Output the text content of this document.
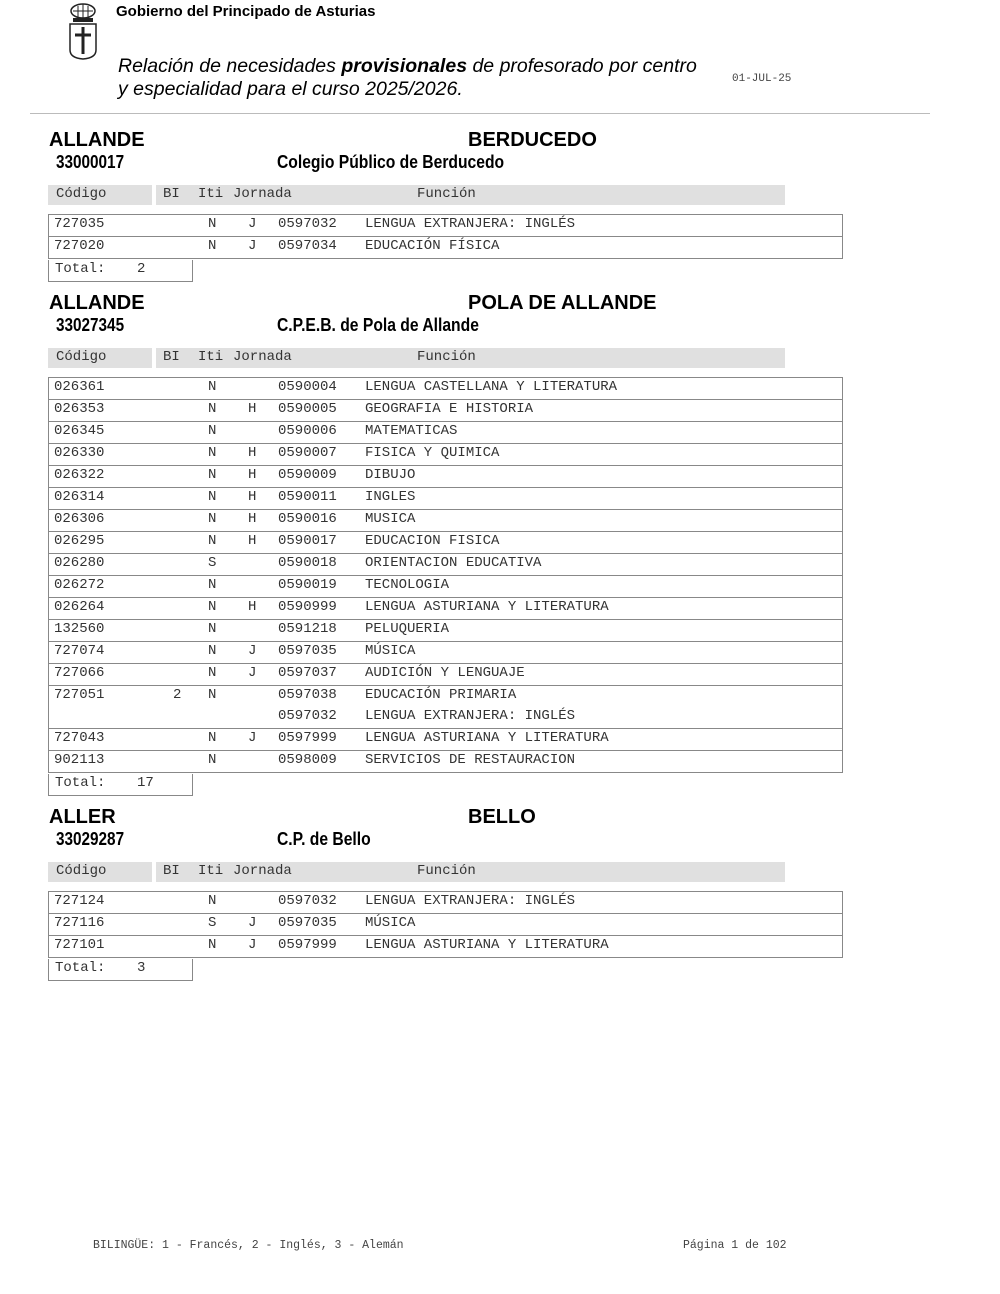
Gobierno del Principado de Asturias
Relación de necesidades provisionales de profesorado por centro
y especialidad para el curso 2025/2026.	01-JUL-25
ALLANDE	BERDUCEDO
33000017	Colegio Público de Berducedo
Código	BI Iti Jornada	Función
727035	N J 0597032 LENGUA EXTRANJERA: INGLÉS
727020	N J 0597034 EDUCACIÓN FÍSICA
Total: 2
ALLANDE	POLA DE ALLANDE
33027345	C.P.E.B. de Pola de Allande
Código	BI Iti Jornada	Función
026361	N	0590004 LENGUA CASTELLANA Y LITERATURA
026353	N H 0590005 GEOGRAFIA E HISTORIA
026345	N	0590006 MATEMATICAS
026330	N H 0590007 FISICA Y QUIMICA
026322	N H 0590009 DIBUJO
026314	N H 0590011 INGLES
026306	N H 0590016 MUSICA
026295	N H 0590017 EDUCACION FISICA
026280	S	0590018 ORIENTACION EDUCATIVA
026272	N	0590019 TECNOLOGIA
026264	N H 0590999 LENGUA ASTURIANA Y LITERATURA
132560	N	0591218 PELUQUERIA
727074	N J 0597035 MÚSICA
727066	N J 0597037 AUDICIÓN Y LENGUAJE
727051	2 N	0597038 EDUCACIÓN PRIMARIA
0597032 LENGUA EXTRANJERA: INGLÉS
727043	N J 0597999 LENGUA ASTURIANA Y LITERATURA
902113	N	0598009 SERVICIOS DE RESTAURACION
Total: 17
ALLER	BELLO
33029287	C.P. de Bello
Código	BI Iti Jornada	Función
727124	N	0597032 LENGUA EXTRANJERA: INGLÉS
727116	S J 0597035 MÚSICA
727101	N J 0597999 LENGUA ASTURIANA Y LITERATURA
Total: 3
BILINGÜE: 1 - Francés, 2 - Inglés, 3 - Alemán	Página 1 de 102
